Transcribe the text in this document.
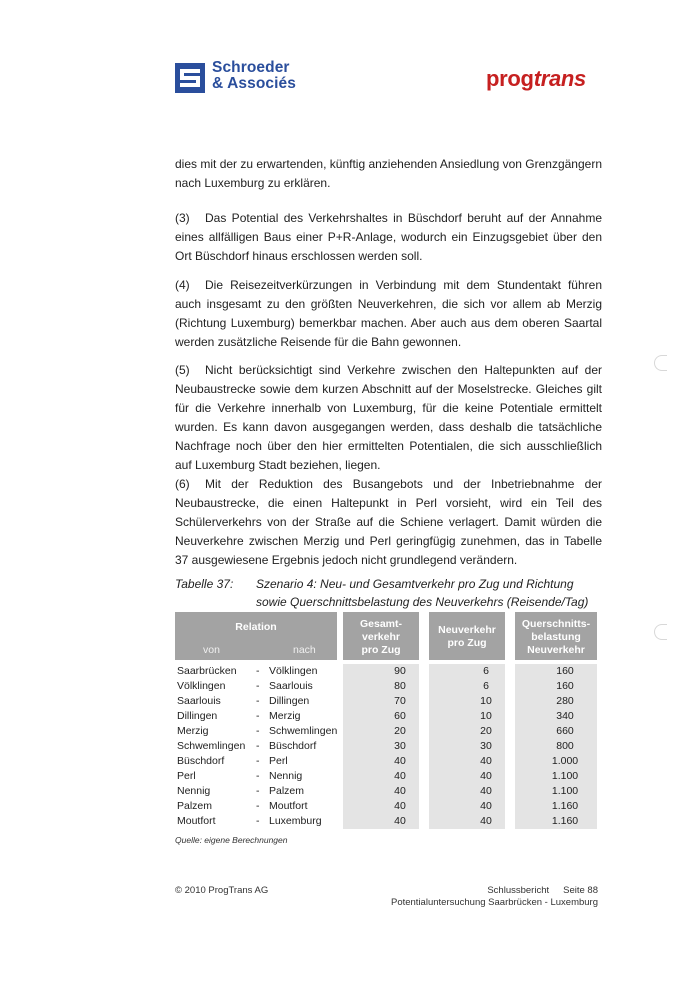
Schroeder
& Associés	progtrans
dies mit der zu erwartenden, künftig anziehenden Ansiedlung von Grenzgängern nach Luxemburg zu erklären.
(3) Das Potential des Verkehrshaltes in Büschdorf beruht auf der Annahme eines allfälligen Baus einer P+R-Anlage, wodurch ein Einzugsgebiet über den Ort Büschdorf hinaus erschlossen werden soll.
(4) Die Reisezeitverkürzungen in Verbindung mit dem Stundentakt führen auch insgesamt zu den größten Neuverkehren, die sich vor allem ab Merzig (Richtung Luxemburg) bemerkbar machen. Aber auch aus dem oberen Saartal werden zusätzliche Reisende für die Bahn gewonnen.
(5) Nicht berücksichtigt sind Verkehre zwischen den Haltepunkten auf der Neubaustrecke sowie dem kurzen Abschnitt auf der Moselstrecke. Gleiches gilt für die Verkehre innerhalb von Luxemburg, für die keine Potentiale ermittelt wurden. Es kann davon ausgegangen werden, dass deshalb die tatsächliche Nachfrage noch über den hier ermittelten Potentialen, die sich ausschließlich auf Luxemburg Stadt beziehen, liegen.
(6) Mit der Reduktion des Busangebots und der Inbetriebnahme der Neubaustrecke, die einen Haltepunkt in Perl vorsieht, wird ein Teil des Schülerverkehrs von der Straße auf die Schiene verlagert. Damit würden die Neuverkehre zwischen Merzig und Perl geringfügig zunehmen, das in Tabelle 37 ausgewiesene Ergebnis jedoch nicht grundlegend verändern.
Tabelle 37: Szenario 4: Neu- und Gesamtverkehr pro Zug und Richtung sowie Querschnittsbelastung des Neuverkehrs (Reisende/Tag)
Relation
von	nach
Gesamt-
verkehr
pro Zug
Neuverkehr
pro Zug
Querschnitts-
belastung
Neuverkehr
Saarbrücken - Völklingen	90	6	160
Völklingen	- Saarlouis	80	6	160
Saarlouis	- Dillingen	70	10	280
Dillingen	- Merzig	60	10	340
Merzig	- Schwemlingen	20	20	660
Schwemlingen - Büschdorf	30	30	800
Büschdorf	- Perl	40	40	1.000
Perl	- Nennig	40	40	1.100
Nennig	- Palzem	40	40	1.100
Palzem	- Moutfort	40	40	1.160
Moutfort	- Luxemburg	40	40	1.160
Quelle: eigene Berechnungen
© 2010 ProgTrans AG	Schlussbericht Seite 88
Potentialuntersuchung Saarbrücken - Luxemburg
